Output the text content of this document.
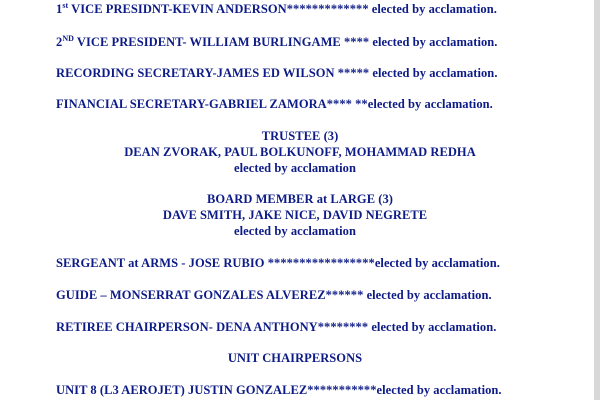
1st VICE PRESIDNT-KEVIN ANDERSON************* elected by acclamation.
2ND VICE PRESIDENT- WILLIAM BURLINGAME **** elected by acclamation.
RECORDING SECRETARY-JAMES ED WILSON ***** elected by acclamation.
FINANCIAL SECRETARY-GABRIEL ZAMORA**** **elected by acclamation.
TRUSTEE (3)
DEAN ZVORAK, PAUL BOLKUNOFF, MOHAMMAD REDHA
elected by acclamation
BOARD MEMBER at LARGE (3)
DAVE SMITH, JAKE NICE, DAVID NEGRETE
elected by acclamation
SERGEANT at ARMS - JOSE RUBIO *****************elected by acclamation.
GUIDE – MONSERRAT GONZALES ALVEREZ****** elected by acclamation.
RETIREE CHAIRPERSON- DENA ANTHONY******** elected by acclamation.
UNIT CHAIRPERSONS
UNIT 8 (L3 AEROJET) JUSTIN GONZALEZ***********elected by acclamation.
